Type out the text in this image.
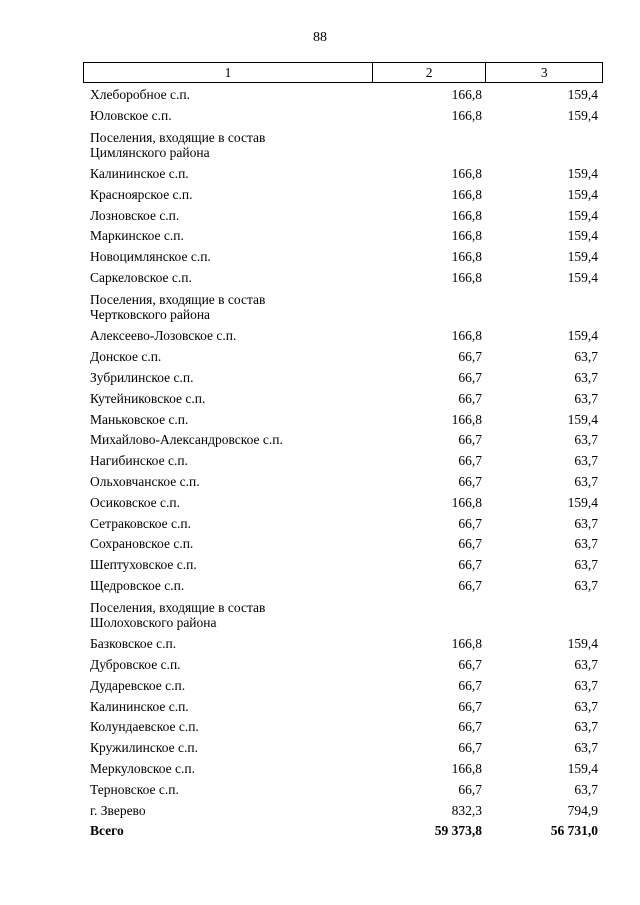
88
1	2	3
Хлеборобное с.п.	166,8	159,4
Юловское с.п.	166,8	159,4
Поселения, входящие в состав
Цимлянского района
Калининское с.п.	166,8	159,4
Красноярское с.п.	166,8	159,4
Лозновское с.п.	166,8	159,4
Маркинское с.п.	166,8	159,4
Новоцимлянское с.п.	166,8	159,4
Саркеловское с.п.	166,8	159,4
Поселения, входящие в состав
Чертковского района
Алексеево-Лозовское с.п.	166,8	159,4
Донское с.п.	66,7	63,7
Зубрилинское с.п.	66,7	63,7
Кутейниковское с.п.	66,7	63,7
Маньковское с.п.	166,8	159,4
Михайлово-Александровское с.п.	66,7	63,7
Нагибинское с.п.	66,7	63,7
Ольховчанское с.п.	66,7	63,7
Осиковское с.п.	166,8	159,4
Сетраковское с.п.	66,7	63,7
Сохрановское с.п.	66,7	63,7
Шептуховское с.п.	66,7	63,7
Щедровское с.п.	66,7	63,7
Поселения, входящие в состав
Шолоховского района
Базковское с.п.	166,8	159,4
Дубровское с.п.	66,7	63,7
Дударевское с.п.	66,7	63,7
Калининское с.п.	66,7	63,7
Колундаевское с.п.	66,7	63,7
Кружилинское с.п.	66,7	63,7
Меркуловское с.п.	166,8	159,4
Терновское с.п.	66,7	63,7
г. Зверево	832,3	794,9
Всего	59 373,8	56 731,0
